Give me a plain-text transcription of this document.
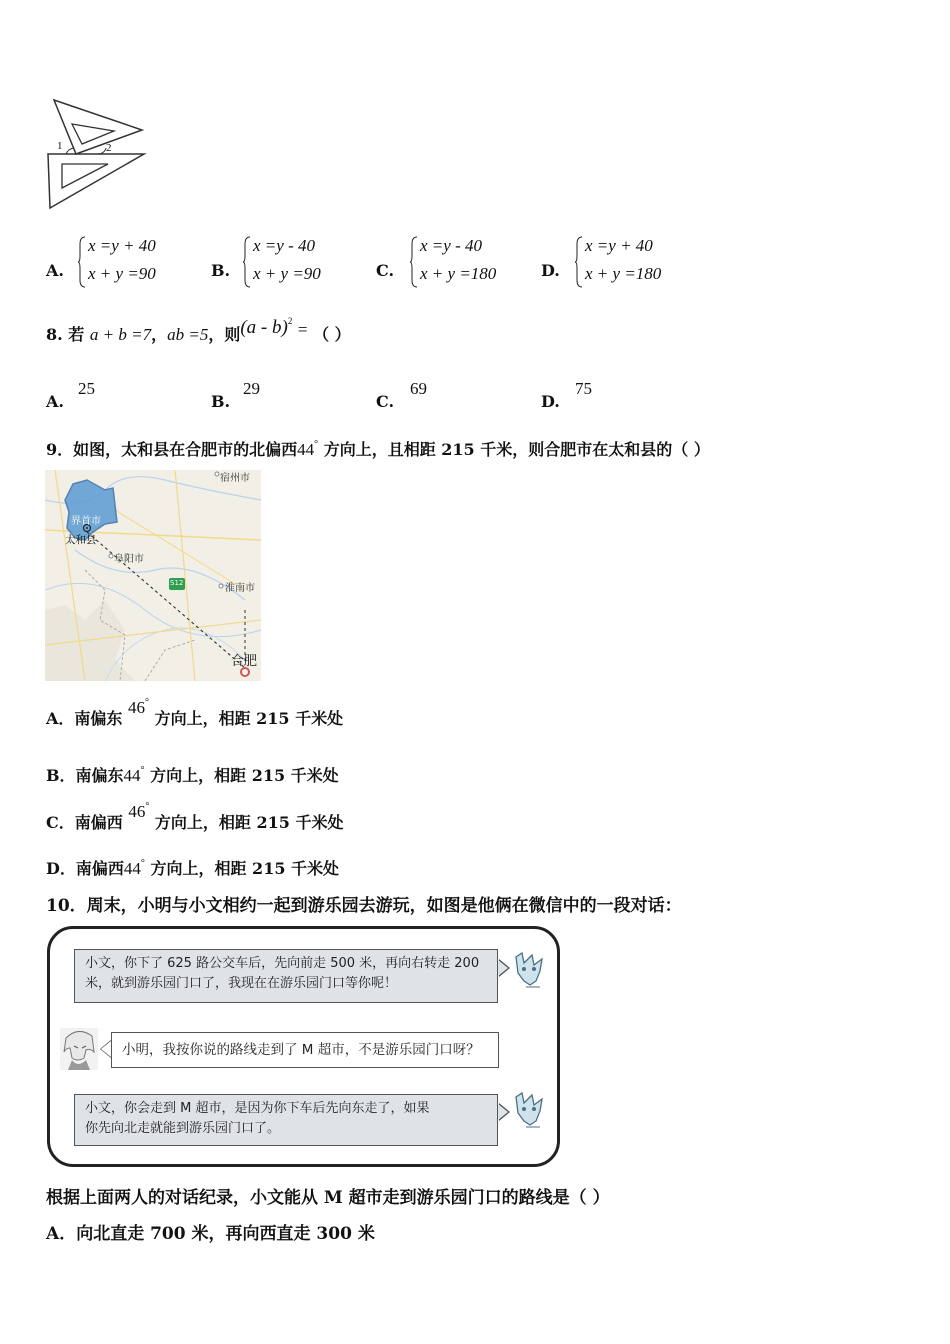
1	2
A.
x =y + 40
x + y =90	B.
x =y - 40
x + y =90	C.
x =y - 40
x + y =180	D.
x =y + 40
x + y =180
8. 若 a + b =7，ab =5，则(a - b)$^2$ = （ ）
A.
25
B.
29
C.
69
D.
75
9．如图，太和县在合肥市的北偏西44° 方向上，且相距 215 千米，则合肥市在太和县的（ ）
宿州市
界首市
太和县
阜阳市
S12	淮南市
合肥
A．南偏东 46° 方向上，相距 215 千米处
B．南偏东44° 方向上，相距 215 千米处
C．南偏西 46° 方向上，相距 215 千米处
D．南偏西44° 方向上，相距 215 千米处
10．周末，小明与小文相约一起到游乐园去游玩，如图是他俩在微信中的一段对话：
小文，你下了 625 路公交车后，先向前走 500 米，再向右转走 200
米，就到游乐园门口了，我现在在游乐园门口等你呢！
小明，我按你说的路线走到了 M 超市，不是游乐园门口呀？
小文，你会走到 M 超市，是因为你下车后先向东走了，如果
你先向北走就能到游乐园门口了。
根据上面两人的对话纪录，小文能从 M 超市走到游乐园门口的路线是（ ）
A．向北直走 700 米，再向西直走 300 米
